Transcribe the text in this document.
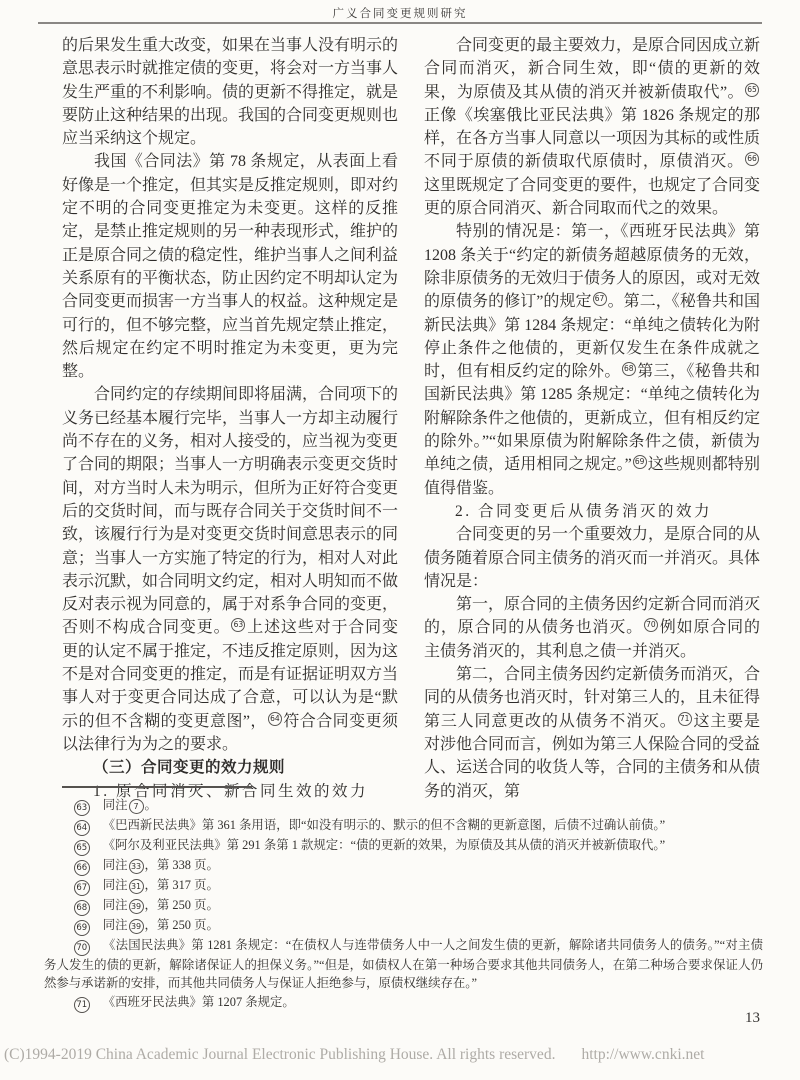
广义合同变更规则研究

的后果发生重大改变，如果在当事人没有明示的意思表示时就推定债的变更，将会对一方当事人发生严重的不利影响。债的更新不得推定，就是要防止这种结果的出现。我国的合同变更规则也应当采纳这个规定。

我国《合同法》第 78 条规定，从表面上看好像是一个推定，但其实是反推定规则，即对约定不明的合同变更推定为未变更。这样的反推定，是禁止推定规则的另一种表现形式，维护的正是原合同之债的稳定性，维护当事人之间利益关系原有的平衡状态，防止因约定不明却认定为合同变更而损害一方当事人的权益。这种规定是可行的，但不够完整，应当首先规定禁止推定，然后规定在约定不明时推定为未变更，更为完整。

合同约定的存续期间即将届满，合同项下的义务已经基本履行完毕，当事人一方却主动履行尚不存在的义务，相对人接受的，应当视为变更了合同的期限；当事人一方明确表示变更交货时间，对方当时人未为明示，但所为正好符合变更后的交货时间，而与既存合同关于交货时间不一致，该履行行为是对变更交货时间意思表示的同意；当事人一方实施了特定的行为，相对人对此表示沉默，如合同明文约定，相对人明知而不做反对表示视为同意的，属于对系争合同的变更，否则不构成合同变更。 63 上述这些对于合同变更的认定不属于推定，不违反推定原则，因为这不是对合同变更的推定，而是有证据证明双方当事人对于变更合同达成了合意，可以认为是“默示的但不含糊的变更意图”， 64 符合合同变更须以法律行为为之的要求。

（三）合同变更的效力规则

1. 原合同消灭、新合同生效的效力

合同变更的最主要效力，是原合同因成立新合同而消灭，新合同生效，即“债的更新的效果，为原债及其从债的消灭并被新债取代”。 65正像《埃塞俄比亚民法典》第 1826 条规定的那样，在各方当事人同意以一项因为其标的或性质不同于原债的新债取代原债时，原债消灭。 66这里既规定了合同变更的要件，也规定了合同变更的原合同消灭、新合同取而代之的效果。

特别的情况是：第一，《西班牙民法典》第 1208 条关于“约定的新债务超越原债务的无效，除非原债务的无效归于债务人的原因，或对无效的原债务的修订”的规定 67 。第二，《秘鲁共和国新民法典》第 1284 条规定：“单纯之债转化为附停止条件之他债的，更新仅发生在条件成就之时，但有相反约定的除外。 68 第三，《秘鲁共和国新民法典》第 1285 条规定：“单纯之债转化为附解除条件之他债的，更新成立，但有相反约定的除外。”“如果原债为附解除条件之债，新债为单纯之债，适用相同之规定。” 69 这些规则都特别值得借鉴。

2. 合同变更后从债务消灭的效力

合同变更的另一个重要效力，是原合同的从债务随着原合同主债务的消灭而一并消灭。具体情况是：

第一，原合同的主债务因约定新合同而消灭的，原合同的从债务也消灭。 70 例如原合同的主债务消灭的，其利息之债一并消灭。

第二，合同主债务因约定新债务而消灭，合同的从债务也消灭时，针对第三人的，且未征得第三人同意更改的从债务不消灭。 71 这主要是对涉他合同而言，例如为第三人保险合同的受益人、运送合同的收货人等，合同的主债务和从债务的消灭，第

63 同注 7 。
64 《巴西新民法典》第 361 条用语，即“如没有明示的、默示的但不含糊的更新意图，后债不过确认前债。”
65 《阿尔及利亚民法典》第 291 条第 1 款规定：“债的更新的效果，为原债及其从债的消灭并被新债取代。”
66 同注 33 ，第 338 页。
67 同注 31 ，第 317 页。
68 同注 39 ，第 250 页。
69 同注 39 ，第 250 页。
70 《法国民法典》第 1281 条规定：“在债权人与连带债务人中一人之间发生债的更新，解除诸共同债务人的债务。”“对主债务人发生的债的更新，解除诸保证人的担保义务。”“但是，如债权人在第一种场合要求其他共同债务人，在第二种场合要求保证人仍然参与承诺新的安排，而其他共同债务人与保证人拒绝参与，原债权继续存在。”
71 《西班牙民法典》第 1207 条规定。
13
(C)1994-2019 China Academic Journal Electronic Publishing House. All rights reserved. http://www.cnki.net
